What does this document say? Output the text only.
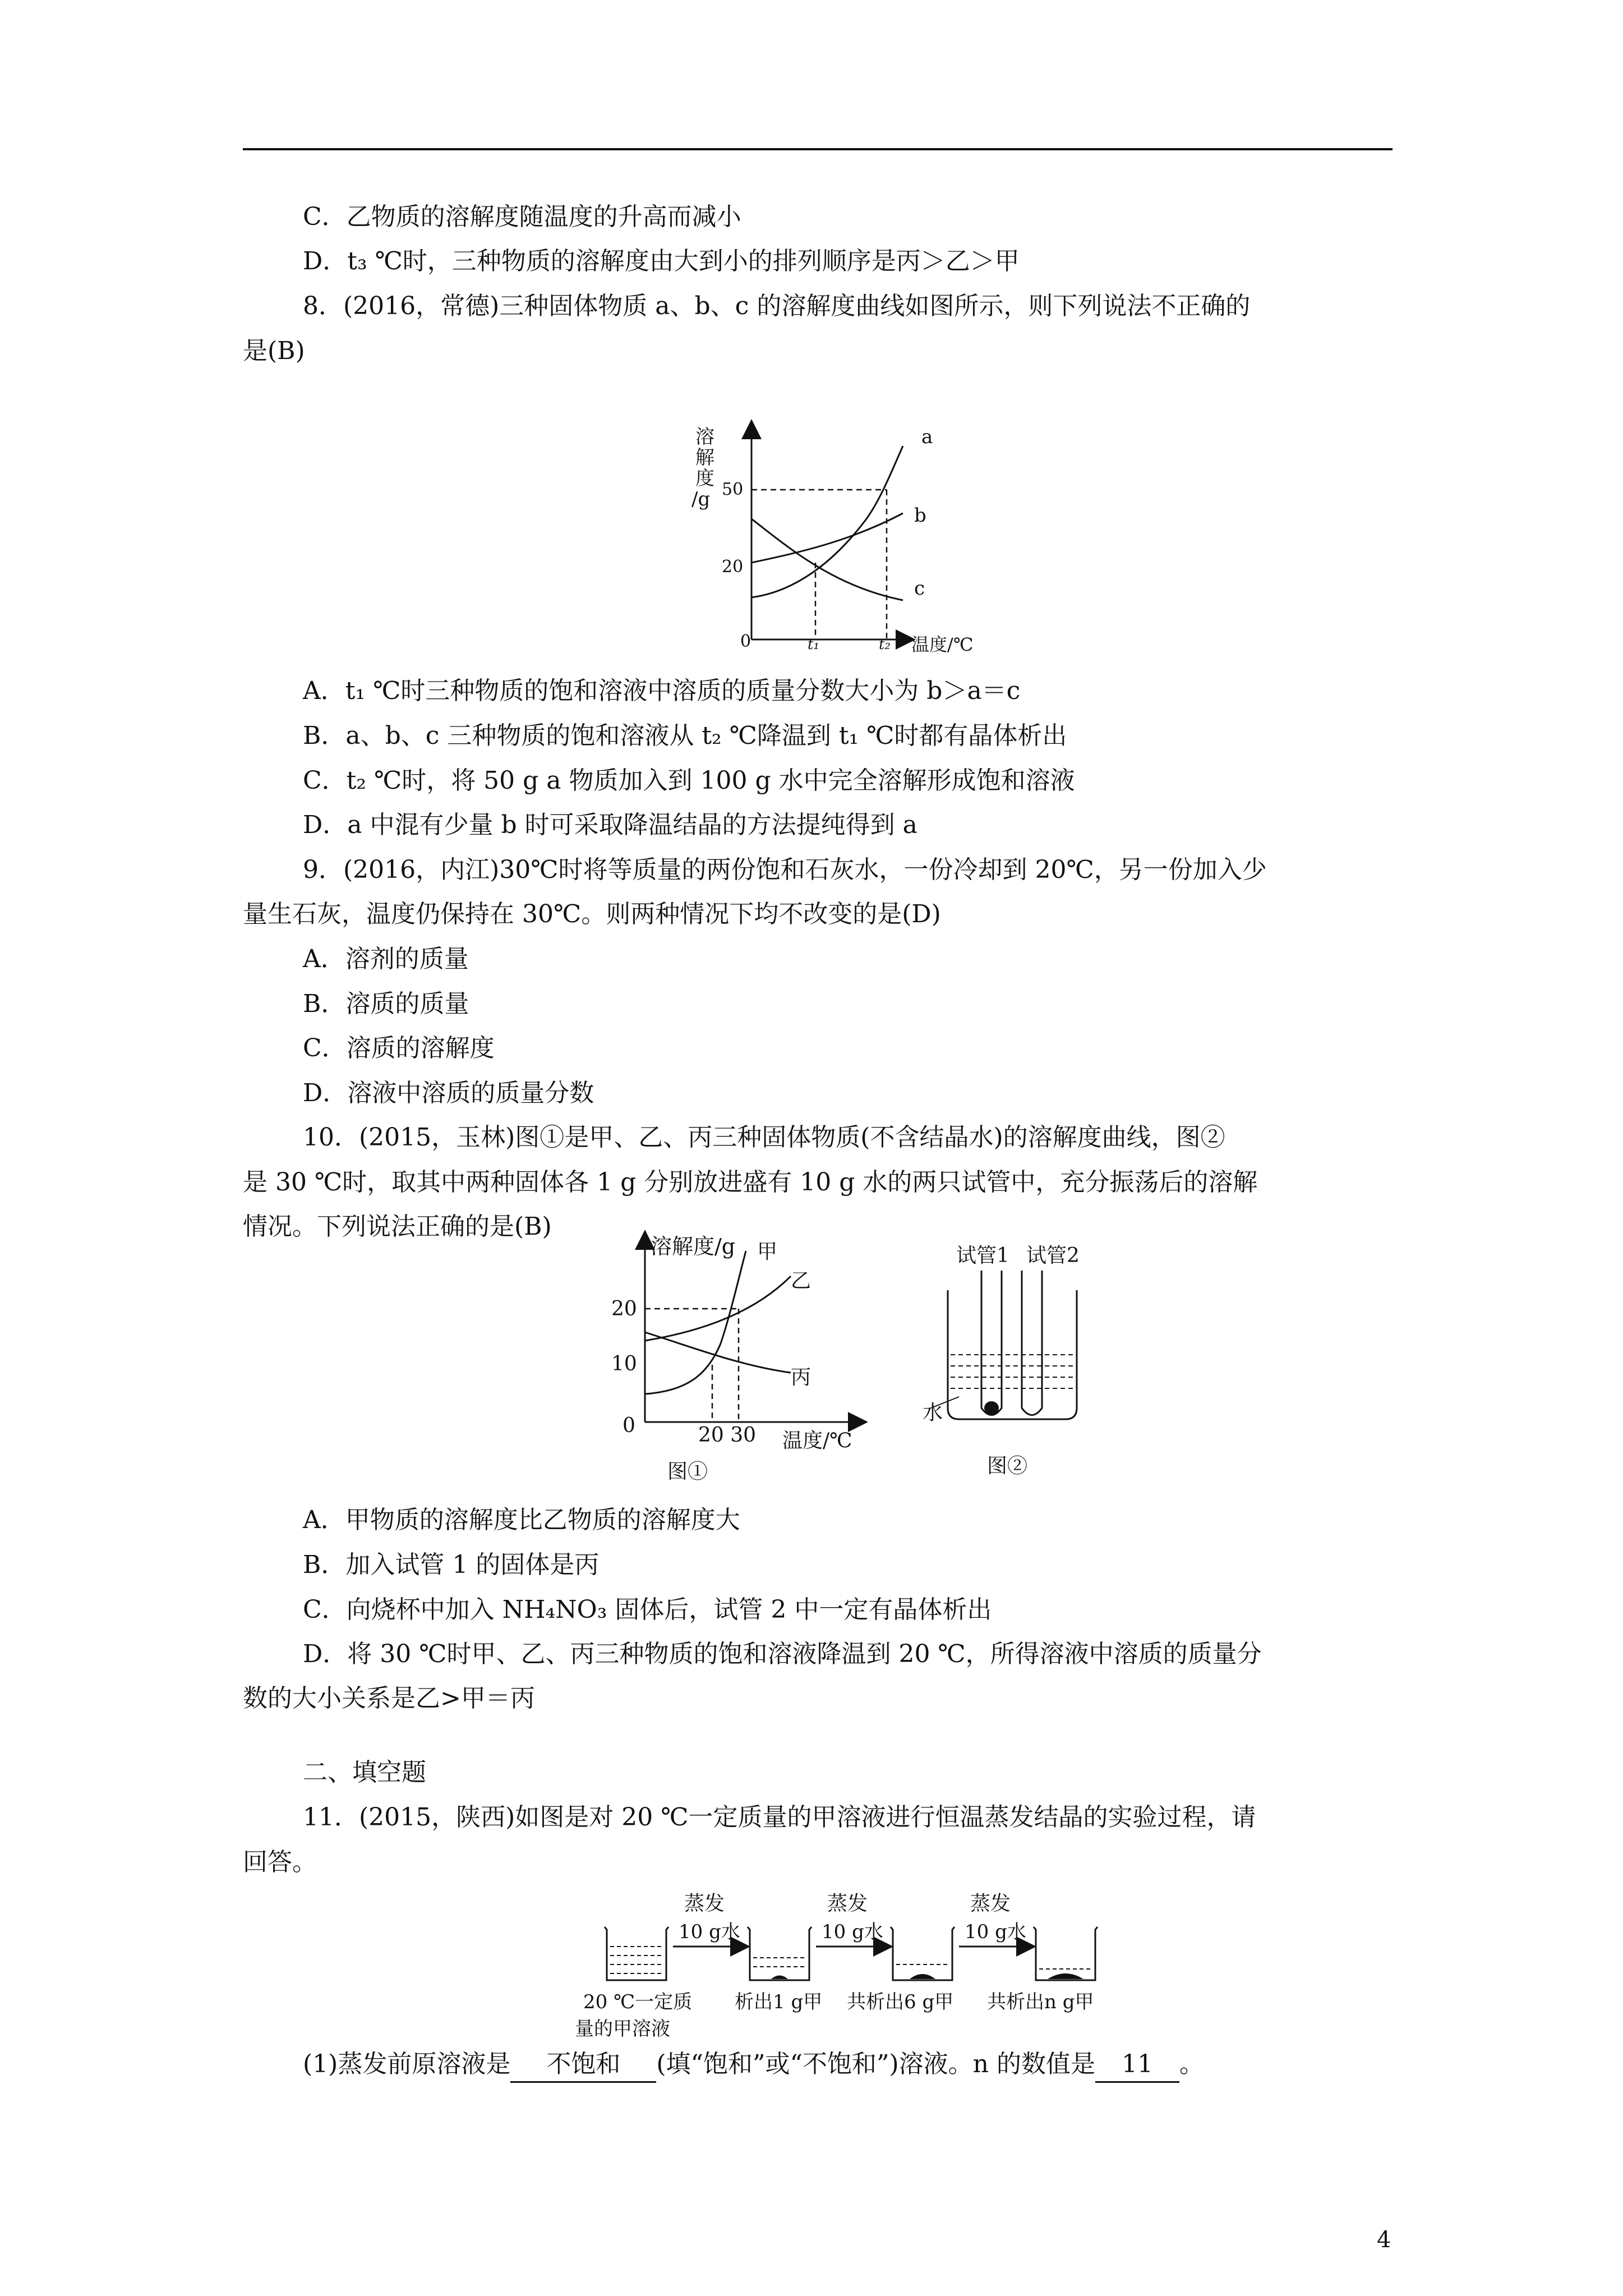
C．乙物质的溶解度随温度的升高而减小
D．t₃ ℃时，三种物质的溶解度由大到小的排列顺序是丙＞乙＞甲
8．(2016，常德)三种固体物质 a、b、c 的溶解度曲线如图所示，则下列说法不正确的
是(B)
溶
解
度
/g 50
20
0
a
b
c
t₁	t₂ 温度/℃
A．t₁ ℃时三种物质的饱和溶液中溶质的质量分数大小为 b＞a＝c
B．a、b、c 三种物质的饱和溶液从 t₂ ℃降温到 t₁ ℃时都有晶体析出
C．t₂ ℃时，将 50 g a 物质加入到 100 g 水中完全溶解形成饱和溶液
D．a 中混有少量 b 时可采取降温结晶的方法提纯得到 a
9．(2016，内江)30℃时将等质量的两份饱和石灰水，一份冷却到 20℃，另一份加入少
量生石灰，温度仍保持在 30℃。则两种情况下均不改变的是(D)
A．溶剂的质量
B．溶质的质量
C．溶质的溶解度
D．溶液中溶质的质量分数
10．(2015，玉林)图①是甲、乙、丙三种固体物质(不含结晶水)的溶解度曲线，图②
是 30 ℃时，取其中两种固体各 1 g 分别放进盛有 10 g 水的两只试管中，充分振荡后的溶解
情况。下列说法正确的是(B)
溶解度/g
20
10
0
甲
乙
丙
20 30 温度/℃
图①
试管1 试管2
水
图②
A．甲物质的溶解度比乙物质的溶解度大
B．加入试管 1 的固体是丙
C．向烧杯中加入 NH₄NO₃ 固体后，试管 2 中一定有晶体析出
D．将 30 ℃时甲、乙、丙三种物质的饱和溶液降温到 20 ℃，所得溶液中溶质的质量分
数的大小关系是乙>甲＝丙
二、填空题
11．(2015，陕西)如图是对 20 ℃一定质量的甲溶液进行恒温蒸发结晶的实验过程，请
回答。
蒸发
10 g水
蒸发
10 g水
蒸发
10 g水
20 ℃一定质
量的甲溶液
析出1 g甲 共析出6 g甲 共析出n g甲
(1)蒸发前原溶液是 不饱和 (填“饱和”或“不饱和”)溶液。n 的数值是 11 。
4
